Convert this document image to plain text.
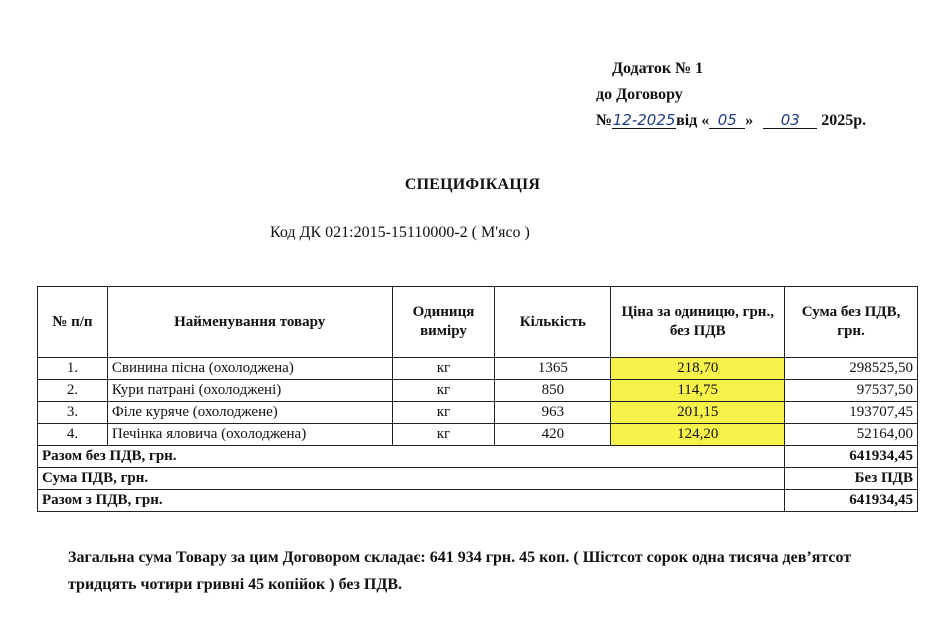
Додаток № 1
до Договору
№12-2025від « 05 » 03 2025р.
СПЕЦИФІКАЦІЯ
Код ДК 021:2015-15110000-2 ( М'ясо )
№ п/п	Найменування товару	Одиниця виміру	Кількість	Ціна за одиницю, грн., без ПДВ	Сума без ПДВ, грн.
1.	Свинина пісна (охолоджена)	кг	1365	218,70	298525,50
2.	Кури патрані (охолоджені)	кг	850	114,75	97537,50
3.	Філе куряче (охолоджене)	кг	963	201,15	193707,45
4.	Печінка яловича (охолоджена)	кг	420	124,20	52164,00
Разом без ПДВ, грн.					641934,45
Сума ПДВ, грн.					Без ПДВ
Разом з ПДВ, грн.					641934,45
Загальна сума Товару за цим Договором складає: 641 934 грн. 45 коп. ( Шістсот сорок одна тисяча дев’ятсот тридцять чотири гривні 45 копійок ) без ПДВ.
